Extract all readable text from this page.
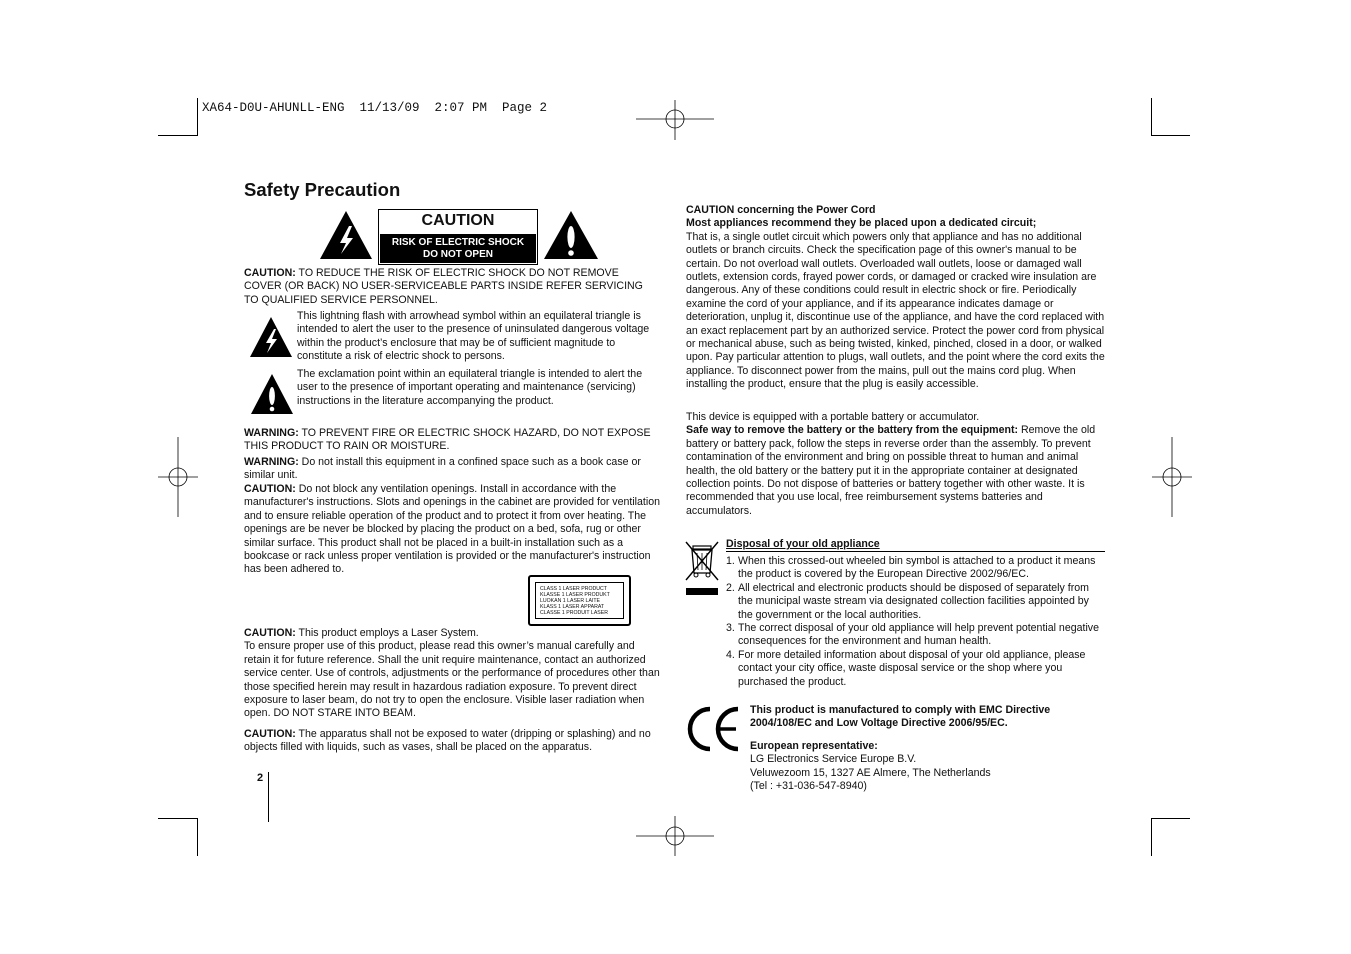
XA64-D0U-AHUNLL-ENG  11/13/09  2:07 PM  Page 2
Safety Precaution
CAUTION
RISK OF ELECTRIC SHOCK
DO NOT OPEN
CAUTION: TO REDUCE THE RISK OF ELECTRIC SHOCK DO NOT REMOVE COVER (OR BACK) NO USER-SERVICEABLE PARTS INSIDE REFER SERVICING TO QUALIFIED SERVICE PERSONNEL.
This lightning flash with arrowhead symbol within an equilateral triangle is intended to alert the user to the presence of uninsulated dangerous voltage within the product’s enclosure that may be of sufficient magnitude to constitute a risk of electric shock to persons.
The exclamation point within an equilateral triangle is intended to alert the user to the presence of important operating and maintenance (servicing) instructions in the literature accompanying the product.
WARNING: TO PREVENT FIRE OR ELECTRIC SHOCK HAZARD, DO NOT EXPOSE THIS PRODUCT TO RAIN OR MOISTURE.
WARNING: Do not install this equipment in a confined space such as a book case or similar unit.
CAUTION: Do not block any ventilation openings. Install in accordance with the manufacturer's instructions. Slots and openings in the cabinet are provided for ventilation and to ensure reliable operation of the product and to protect it from over heating. The openings are be never be blocked by placing the product on a bed, sofa, rug or other similar surface. This product shall not be placed in a built-in installation such as a bookcase or rack unless proper ventilation is provided or the manufacturer's instruction has been adhered to.
CLASS 1 LASER PRODUCT
KLASSE 1 LASER PRODUKT
LUOKAN 1 LASER LAITE
KLASS 1 LASER APPARAT
CLASSE 1 PRODUIT LASER

CAUTION: This product employs a Laser System.

To ensure proper use of this product, please read this owner’s manual carefully and retain it for future reference. Shall the unit require maintenance, contact an authorized service center. Use of controls, adjustments or the performance of procedures other than those specified herein may result in hazardous radiation exposure. To prevent direct exposure to laser beam, do not try to open the enclosure. Visible laser radiation when open. DO NOT STARE INTO BEAM.

CAUTION: The apparatus shall not be exposed to water (dripping or splashing) and no objects filled with liquids, such as vases, shall be placed on the apparatus.
2

CAUTION concerning the Power Cord

Most appliances recommend they be placed upon a dedicated circuit;

That is, a single outlet circuit which powers only that appliance and has no additional outlets or branch circuits. Check the specification page of this owner's manual to be certain. Do not overload wall outlets. Overloaded wall outlets, loose or damaged wall outlets, extension cords, frayed power cords, or damaged or cracked wire insulation are dangerous. Any of these conditions could result in electric shock or fire. Periodically examine the cord of your appliance, and if its appearance indicates damage or deterioration, unplug it, discontinue use of the appliance, and have the cord replaced with an exact replacement part by an authorized service. Protect the power cord from physical or mechanical abuse, such as being twisted, kinked, pinched, closed in a door, or walked upon. Pay particular attention to plugs, wall outlets, and the point where the cord exits the appliance. To disconnect power from the mains, pull out the mains cord plug. When installing the product, ensure that the plug is easily accessible.

This device is equipped with a portable battery or accumulator.

Safe way to remove the battery or the battery from the equipment: Remove the old battery or battery pack, follow the steps in reverse order than the assembly. To prevent contamination of the environment and bring on possible threat to human and animal health, the old battery or the battery put it in the appropriate container at designated collection points. Do not dispose of batteries or battery together with other waste. It is recommended that you use local, free reimbursement systems batteries and accumulators.

Disposal of your old appliance
1. When this crossed-out wheeled bin symbol is attached to a product it means the product is covered by the European Directive 2002/96/EC.
2. All electrical and electronic products should be disposed of separately from the municipal waste stream via designated collection facilities appointed by the government or the local authorities.
3. The correct disposal of your old appliance will help prevent potential negative consequences for the environment and human health.
4. For more detailed information about disposal of your old appliance, please contact your city office, waste disposal service or the shop where you purchased the product.
This product is manufactured to comply with EMC Directive 2004/108/EC and Low Voltage Directive 2006/95/EC.

European representative:

LG Electronics Service Europe B.V.

Veluwezoom 15, 1327 AE Almere, The Netherlands

(Tel : +31-036-547-8940)
